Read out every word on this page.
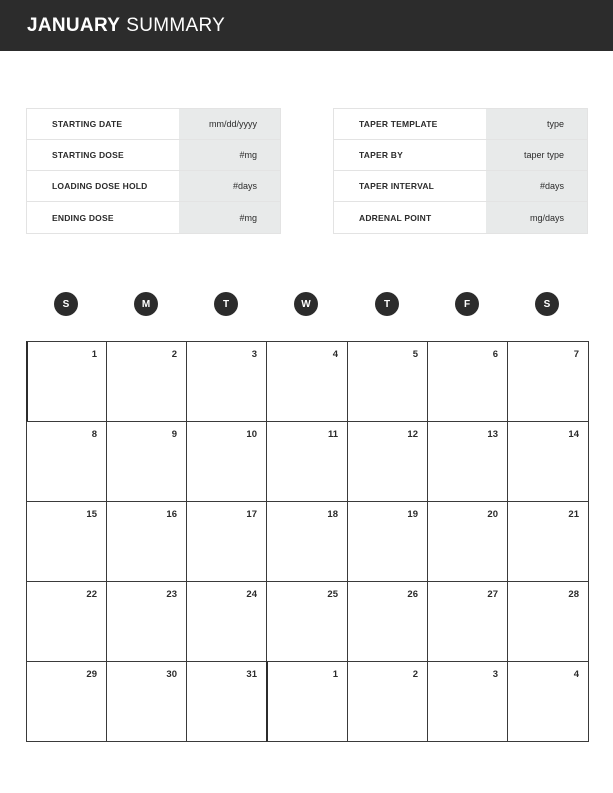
JANUARY SUMMARY
STARTING DATE	mm/dd/yyyy
STARTING DOSE	#mg
LOADING DOSE HOLD	#days
ENDING DOSE	#mg
TAPER TEMPLATE	type
TAPER BY	taper type
TAPER INTERVAL	#days
ADRENAL POINT	mg/days
S	M	T	W	T	F	S
1	2	3	4	5	6	7
8	9	10	11	12	13	14
15	16	17	18	19	20	21
22	23	24	25	26	27	28
29	30	31	1	2	3	4
